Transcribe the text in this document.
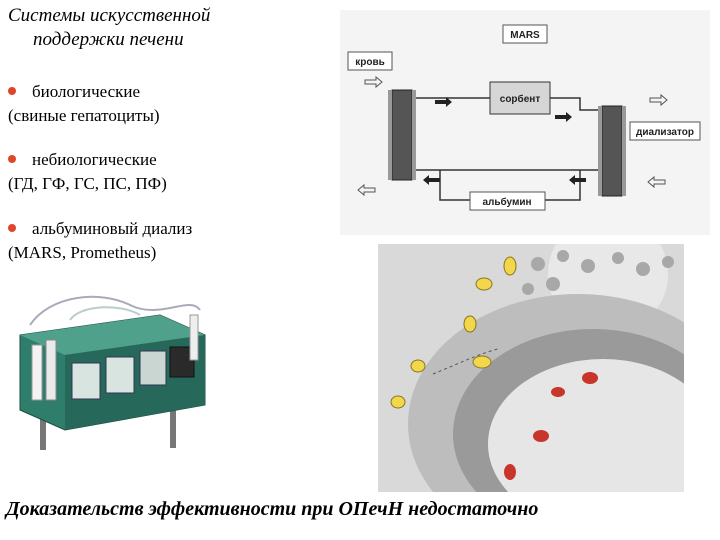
Системы искусственной
поддержки печени
биологические
(свиные гепатоциты)
небиологические
(ГД, ГФ, ГС, ПС, ПФ)
альбуминовый диализ
(MARS, Prometheus)
MARS
кровь
сорбент
диализатор
альбумин
Доказательств эффективности при ОПечН недостаточно
